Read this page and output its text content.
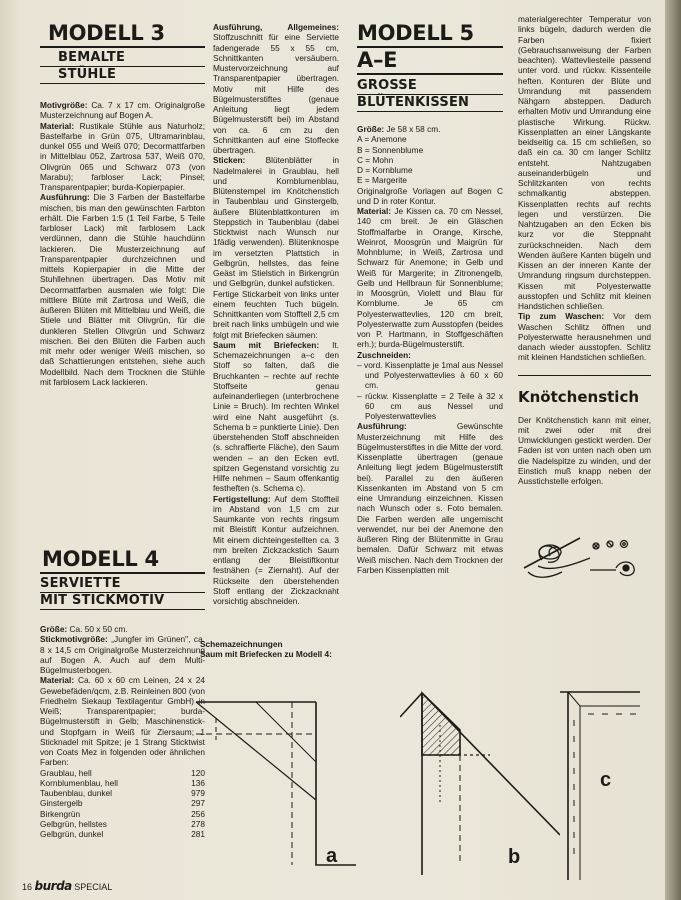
MODELL 3
BEMALTE
STÜHLE

Motivgröße: Ca. 7 x 17 cm. Originalgroße Musterzeichnung auf Bogen A.

Material: Rustikale Stühle aus Naturholz; Bastelfarbe in Grün 075, Ultramarinblau, dunkel 055 und Weiß 070; Decormattfarben in Mittelblau 052, Zartrosa 537, Weiß 070, Olivgrün 065 und Schwarz 073 (von Marabu); farbloser Lack; Pinsel; Transparentpapier; burda-Kopierpapier.

Ausführung: Die 3 Farben der Bastelfarbe mischen, bis man den gewünschten Farbton erhält. Die Farben 1:5 (1 Teil Farbe, 5 Teile farbloser Lack) mit farblosem Lack verdünnen, dann die Stühle hauchdünn lackieren. Die Musterzeichnung auf Transparentpapier durchzeichnen und mittels Kopierpapier in die Mitte der Stuhllehnen übertragen. Das Motiv mit Decormattfarben ausmalen wie folgt: Die mittlere Blüte mit Zartrosa und Weiß, die äußeren Blüten mit Mittelblau und Weiß, die Stiele und Blätter mit Olivgrün, für die dunkleren Stellen Olivgrün und Schwarz mischen. Bei den Blüten die Farben auch mit mehr oder weniger Weiß mischen, so daß Schattierungen entstehen, siehe auch Modellbild. Nach dem Trocknen die Stühle mit farblosem Lack lackieren.

MODELL 4
SERVIETTE
MIT STICKMOTIV

Größe: Ca. 50 x 50 cm.

Stickmotivgröße: „Jungfer im Grünen", ca. 8 x 14,5 cm Originalgroße Musterzeichnung auf Bogen A. Auch auf dem Multi-Bügelmusterbogen.

Material: Ca. 60 x 60 cm Leinen, 24 x 24 Gewebefäden/qcm, z.B. Reinleinen 800 (von Friedhelm Siekaup Textilagentur GmbH) in Weiß; Transparentpapier; burda-Bügelmusterstift in Gelb; Maschinenstick- und Stopfgarn in Weiß für Ziersaum; 1 Sticknadel mit Spitze; je 1 Strang Sticktwist von Coats Mez in folgenden oder ähnlichen Farben:

Graublau, hell	120
Kornblumenblau, hell	136
Taubenblau, dunkel	979
Ginstergelb	297
Birkengrün	256
Gelbgrün, hellstes	278
Gelbgrün, dunkel	281

Ausführung,	Allgemeines: Stoffzuschnitt für eine Serviette fadengerade 55 x 55 cm, Schnittkanten versäubern. Mustervorzeichnung auf Transparentpapier übertragen. Motiv mit Hilfe des Bügelmusterstiftes (genaue Anleitung liegt jedem Bügelmusterstift bei) im Abstand von ca. 6 cm zu den Schnittkanten auf eine Stoffecke übertragen.

Sticken: Blütenblätter in Nadelmalerei in Graublau, hell und Kornblumenblau, Blütenstempel im Knötchenstich in Taubenblau und Ginstergelb, äußere Blütenblattkonturen im Steppstich in Taubenblau (dabei Sticktwist nach Wunsch nur 1fädig verwenden). Blütenknospe im versetzten Plattstich in Gelbgrün, hellstes, das feine Geäst im Stielstich in Birkengrün und Gelbgrün, dunkel aufsticken.
Fertige Stickarbeit von links unter einem feuchten Tuch bügeln. Schnittkanten vom Stofftell 2,5 cm breit nach links umbügeln und wie folgt mit Briefecken säumen:

Saum mit Briefecken: It. Schemazeichnungen a–c den Stoff so falten, daß die Bruchkanten – rechte auf rechte Stoffseite genau aufeinanderliegen (unterbrochene Linie = Bruch). Im rechten Winkel wird eine Naht ausgeführt (s. Schema b = punktierte Linie). Den überstehenden Stoff abschneiden (s. schraffierte Fläche), den Saum wenden – an den Ecken evtl. spitzen Gegenstand vorsichtig zu Hilfe nehmen – Saum offenkantig festheften (s. Schema c).

Fertigstellung: Auf dem Stoffteil im Abstand von 1,5 cm zur Saumkante von rechts ringsum mit Bleistift Kontur aufzeichnen. Mit einem dichteingestellten ca. 3 mm breiten Zickzackstich Saum entlang der Bleistiftkontur festnähen (= Ziernaht). Auf der Rückseite den überstehenden Stoff entlang der Zickzacknaht vorsichtig abschneiden.

MODELL 5
A–E
GROSSE
BLÜTENKISSEN

Größe: Je 58 x 58 cm.

A = Anemone
B = Sonnenblume
C = Mohn
D = Kornblume
E = Margerite

Originalgroße Vorlagen auf Bogen C und D in roter Kontur.

Material: Je Kissen ca. 70 cm Nessel, 140 cm breit. Je ein Gläschen Stoffmalfarbe in Orange, Kirsche, Weinrot, Moosgrün und Maigrün für Mohnblume; in Weiß, Zartrosa und Schwarz für Anemone; in Gelb und Weiß für Margerite; in Zitronengelb, Gelb und Hellbraun für Sonnenblume; in Moosgrün, Violett und Blau für Kornblume. Je 65 cm Polyesterwattevlies, 120 cm breit, Polyesterwatte zum Ausstopfen (beides von P. Hartmann, in Stoffgeschäften erh.); burda-Bügelmusterstift.

Zuschneiden:

– vord. Kissenplatte je 1mal aus Nessel und Polyesterwattevlies à 60 x 60 cm.

– rückw. Kissenplatte = 2 Teile à 32 x 60 cm aus Nessel und Polyesterwattevlies

Ausführung: Gewünschte Musterzeichnung mit Hilfe des Bügelmusterstiftes in die Mitte der vord. Kissenplatte übertragen (genaue Anleitung liegt jedem Bügelmusterstift bei). Parallel zu den äußeren Kissenkanten im Abstand von 5 cm eine Umrandung einzeichnen. Kissen nach Wunsch oder s. Foto bemalen. Die Farben werden alle ungemischt verwendet, nur bei der Anemone den äußeren Ring der Blütenmitte in Grau bemalen. Dafür Schwarz mit etwas Weiß mischen. Nach dem Trocknen der Farben Kissenplatten mit

materialgerechter Temperatur von links bügeln, dadurch werden die Farben fixiert (Gebrauchsanweisung der Farben beachten). Wattevliesteile passend unter vord. und rückw. Kissenteile heften. Konturen der Blüte und Umrandung mit passendem Nähgarn absteppen. Dadurch erhalten Motiv und Umrandung eine plastische Wirkung. Rückw. Kissenplatten an einer Längskante beidseitig ca. 15 cm schließen, so daß ein ca. 30 cm langer Schlitz entsteht. Nahtzugaben auseinanderbügeln und Schlitzkanten von rechts schmalkantig absteppen. Kissenplatten rechts auf rechts legen und verstürzen. Die Nahtzugaben an den Ecken bis kurz vor die Steppnaht zurückschneiden. Nach dem Wenden äußere Kanten bügeln und Kissen an der inneren Kante der Umrandung ringsum durchsteppen. Kissen mit Polyesterwatte ausstopfen und Schlitz mit kleinen Handstichen schließen.

Tip zum Waschen: Vor dem Waschen Schlitz öffnen und Polyesterwatte herausnehmen und danach wieder ausstopfen. Schlitz mit kleinen Handstichen schließen.

Knötchenstich

Der Knötchenstich kann mit einer, mit zwei oder mit drei Umwicklungen gestickt werden. Der Faden ist von unten nach oben um die Nadelspitze zu winden, und der Einstich muß knapp neben der Ausstichstelle erfolgen.

Schemazeichnungen
Saum mit Briefecken zu Modell 4:
a	b
c
16 burda SPECIAL
